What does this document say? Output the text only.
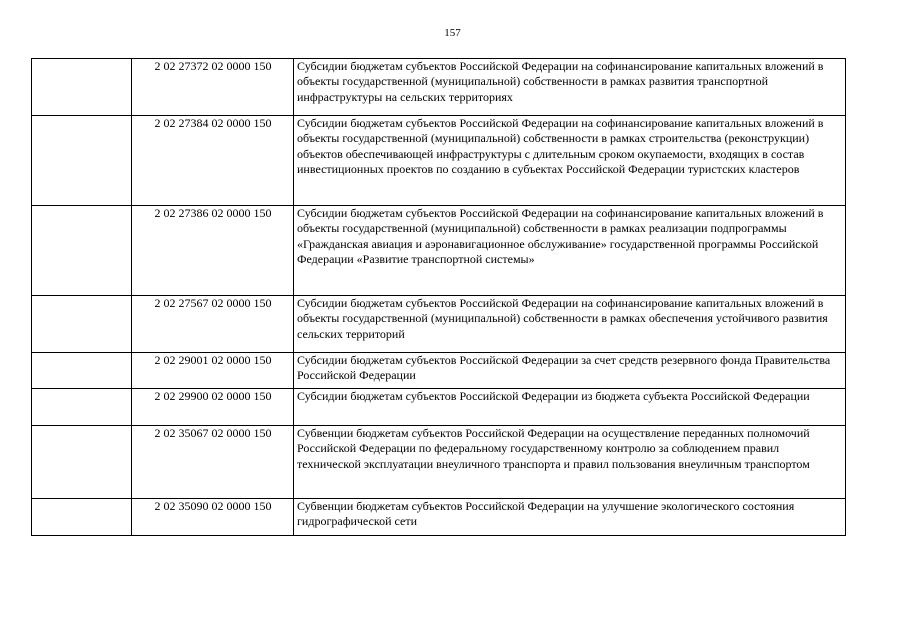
157
	2 02 27372 02 0000 150	Субсидии бюджетам субъектов Российской Федерации на софинансирование капитальных вложений в объекты государственной (муниципальной) собственности в рамках развития транспортной инфраструктуры на сельских территориях
	2 02 27384 02 0000 150	Субсидии бюджетам субъектов Российской Федерации на софинансирование капитальных вложений в объекты государственной (муниципальной) собственности в рамках строительства (реконструкции) объектов обеспечивающей инфраструктуры с длительным сроком окупаемости, входящих в состав инвестиционных проектов по созданию в субъектах Российской Федерации туристских кластеров
	2 02 27386 02 0000 150	Субсидии бюджетам субъектов Российской Федерации на софинансирование капитальных вложений в объекты государственной (муниципальной) собственности в рамках реализации подпрограммы «Гражданская авиация и аэронавигационное обслуживание» государственной программы Российской Федерации «Развитие транспортной системы»
	2 02 27567 02 0000 150	Субсидии бюджетам субъектов Российской Федерации на софинансирование капитальных вложений в объекты государственной (муниципальной) собственности в рамках обеспечения устойчивого развития сельских территорий
	2 02 29001 02 0000 150	Субсидии бюджетам субъектов Российской Федерации за счет средств резервного фонда Правительства Российской Федерации
	2 02 29900 02 0000 150	Субсидии бюджетам субъектов Российской Федерации из бюджета субъекта Российской Федерации
	2 02 35067 02 0000 150	Субвенции бюджетам субъектов Российской Федерации на осуществление переданных полномочий Российской Федерации по федеральному государственному контролю за соблюдением правил технической эксплуатации внеуличного транспорта и правил пользования внеуличным транспортом
	2 02 35090 02 0000 150	Субвенции бюджетам субъектов Российской Федерации на улучшение экологического состояния гидрографической сети
